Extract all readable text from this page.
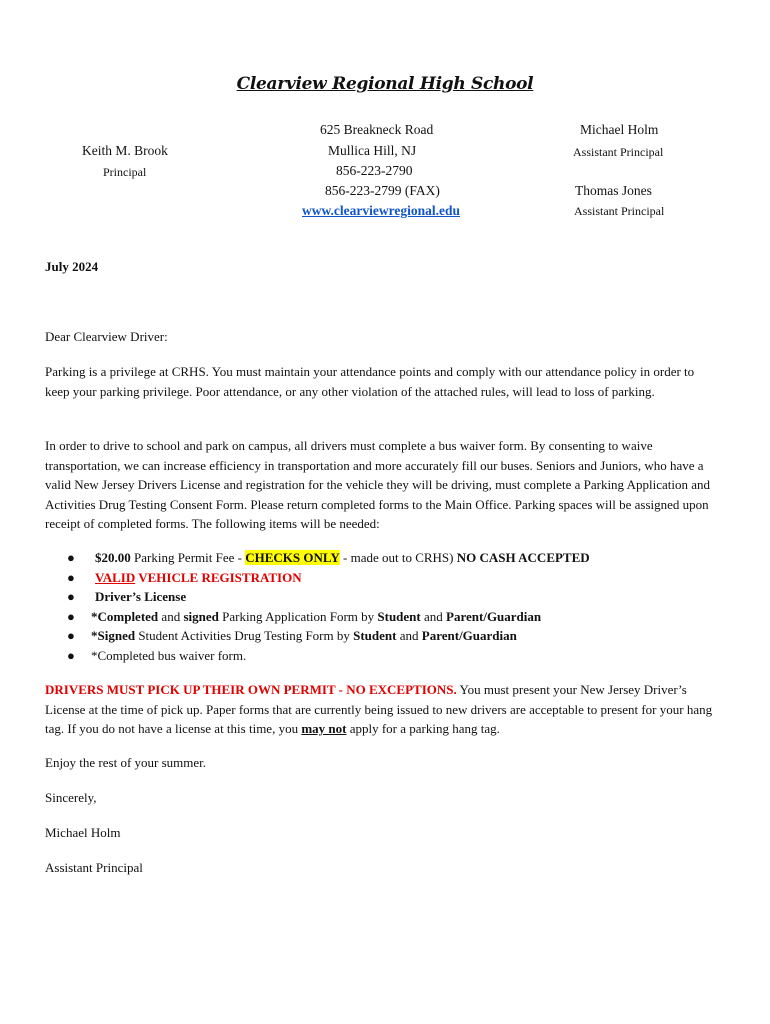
Clearview Regional High School
Keith M. Brook
Principal
625 Breakneck Road
Mullica Hill, NJ
856-223-2790
856-223-2799 (FAX)
www.clearviewregional.edu
Michael Holm
Assistant Principal
Thomas Jones
Assistant Principal
July 2024
Dear Clearview Driver:

Parking is a privilege at CRHS. You must maintain your attendance points and comply with our attendance policy in order to keep your parking privilege. Poor attendance, or any other violation of the attached rules, will lead to loss of parking.

In order to drive to school and park on campus, all drivers must complete a bus waiver form. By consenting to waive transportation, we can increase efficiency in transportation and more accurately fill our buses. Seniors and Juniors, who have a valid New Jersey Drivers License and registration for the vehicle they will be driving, must complete a Parking Application and Activities Drug Testing Consent Form. Please return completed forms to the Main Office. Parking spaces will be assigned upon receipt of completed forms. The following items will be needed:

● $20.00 Parking Permit Fee - CHECKS ONLY - made out to CRHS) NO CASH ACCEPTED
● VALID VEHICLE REGISTRATION
● Driver’s License
● *Completed and signed Parking Application Form by Student and Parent/Guardian
● *Signed Student Activities Drug Testing Form by Student and Parent/Guardian
● *Completed bus waiver form.

DRIVERS MUST PICK UP THEIR OWN PERMIT - NO EXCEPTIONS. You must present your New Jersey Driver’s License at the time of pick up. Paper forms that are currently being issued to new drivers are acceptable to present for your hang tag. If you do not have a license at this time, you may not apply for a parking hang tag.

Enjoy the rest of your summer.
Sincerely,
Michael Holm
Assistant Principal
